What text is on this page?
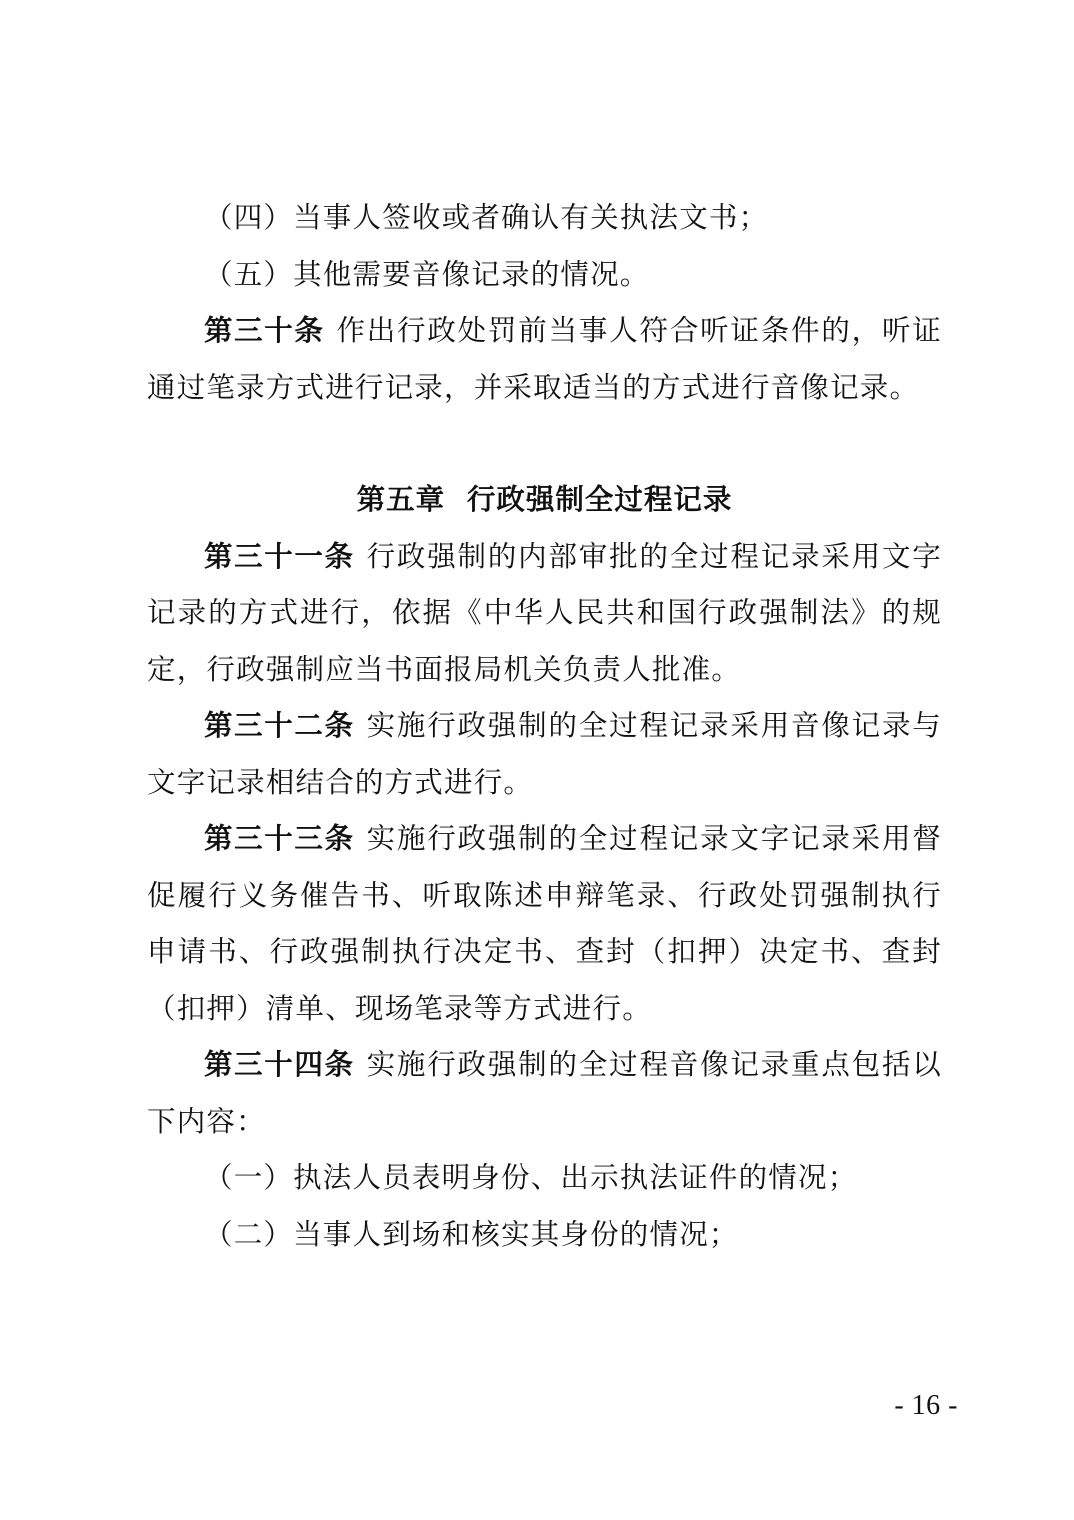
（四）当事人签收或者确认有关执法文书；

（五）其他需要音像记录的情况。

第三十条 作出行政处罚前当事人符合听证条件的，听证通过笔录方式进行记录，并采取适当的方式进行音像记录。

第五章  行政强制全过程记录

第三十一条 行政强制的内部审批的全过程记录采用文字记录的方式进行，依据《中华人民共和国行政强制法》的规定，行政强制应当书面报局机关负责人批准。

第三十二条 实施行政强制的全过程记录采用音像记录与文字记录相结合的方式进行。

第三十三条 实施行政强制的全过程记录文字记录采用督促履行义务催告书、听取陈述申辩笔录、行政处罚强制执行申请书、行政强制执行决定书、查封（扣押）决定书、查封（扣押）清单、现场笔录等方式进行。

第三十四条 实施行政强制的全过程音像记录重点包括以下内容：

（一）执法人员表明身份、出示执法证件的情况；

（二）当事人到场和核实其身份的情况；

- 16 -
